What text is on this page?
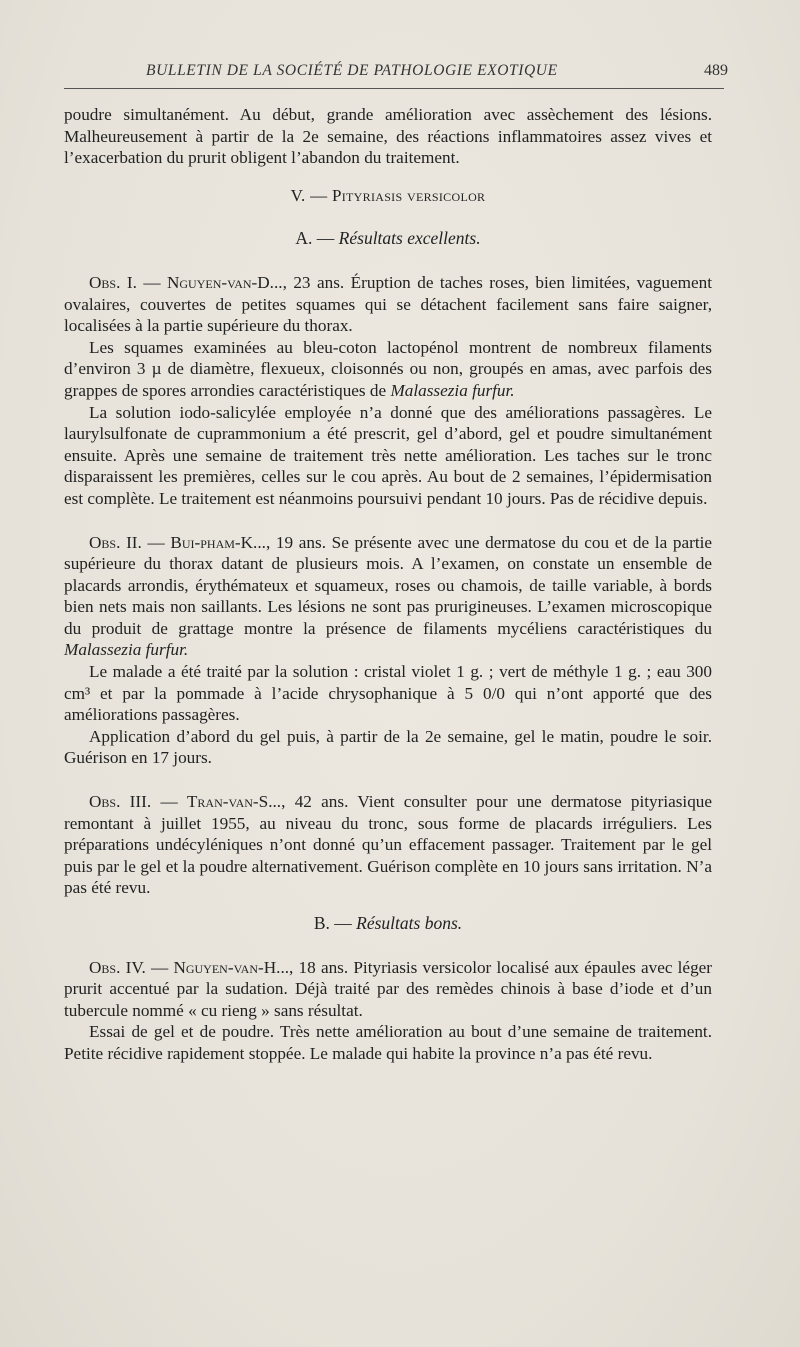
BULLETIN DE LA SOCIÉTÉ DE PATHOLOGIE EXOTIQUE	489

poudre simultanément. Au début, grande amélioration avec assèchement des lésions. Malheureusement à partir de la 2e semaine, des réactions inflammatoires assez vives et l’exacerbation du prurit obligent l’abandon du traitement.

V. — Pityriasis versicolor
A. — Résultats excellents.

Obs. I. — Nguyen-van-D..., 23 ans. Éruption de taches roses, bien limitées, vaguement ovalaires, couvertes de petites squames qui se détachent facilement sans faire saigner, localisées à la partie supérieure du thorax.

Les squames examinées au bleu-coton lactopénol montrent de nombreux filaments d’environ 3 µ de diamètre, flexueux, cloisonnés ou non, groupés en amas, avec parfois des grappes de spores arrondies caractéristiques de Malassezia furfur.

La solution iodo-salicylée employée n’a donné que des améliorations passagères. Le laurylsulfonate de cuprammonium a été prescrit, gel d’abord, gel et poudre simultanément ensuite. Après une semaine de traitement très nette amélioration. Les taches sur le tronc disparaissent les premières, celles sur le cou après. Au bout de 2 semaines, l’épidermisation est complète. Le traitement est néanmoins poursuivi pendant 10 jours. Pas de récidive depuis.

Obs. II. — Bui-pham-K..., 19 ans. Se présente avec une dermatose du cou et de la partie supérieure du thorax datant de plusieurs mois. A l’examen, on constate un ensemble de placards arrondis, érythémateux et squameux, roses ou chamois, de taille variable, à bords bien nets mais non saillants. Les lésions ne sont pas prurigineuses. L’examen microscopique du produit de grattage montre la présence de filaments mycéliens caractéristiques du Malassezia furfur.

Le malade a été traité par la solution : cristal violet 1 g. ; vert de méthyle 1 g. ; eau 300 cm³ et par la pommade à l’acide chrysophanique à 5 0/0 qui n’ont apporté que des améliorations passagères.

Application d’abord du gel puis, à partir de la 2e semaine, gel le matin, poudre le soir. Guérison en 17 jours.

Obs. III. — Tran-van-S..., 42 ans. Vient consulter pour une dermatose pityriasique remontant à juillet 1955, au niveau du tronc, sous forme de placards irréguliers. Les préparations undécyléniques n’ont donné qu’un effacement passager. Traitement par le gel puis par le gel et la poudre alternativement. Guérison complète en 10 jours sans irritation. N’a pas été revu.

B. — Résultats bons.

Obs. IV. — Nguyen-van-H..., 18 ans. Pityriasis versicolor localisé aux épaules avec léger prurit accentué par la sudation. Déjà traité par des remèdes chinois à base d’iode et d’un tubercule nommé « cu rieng » sans résultat.

Essai de gel et de poudre. Très nette amélioration au bout d’une semaine de traitement. Petite récidive rapidement stoppée. Le malade qui habite la province n’a pas été revu.
